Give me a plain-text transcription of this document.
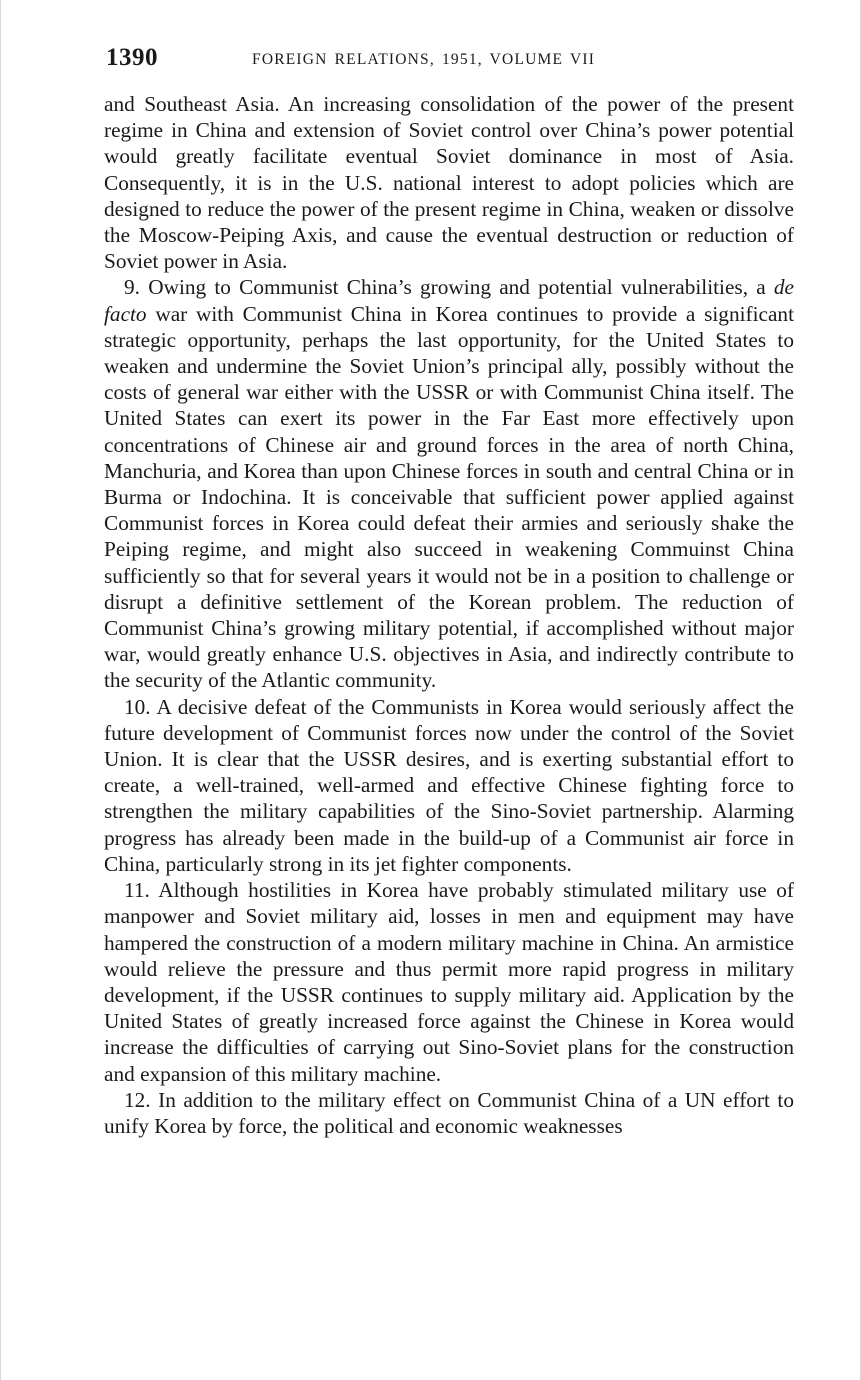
1390	FOREIGN RELATIONS, 1951, VOLUME VII

and Southeast Asia. An increasing consolidation of the power of the present regime in China and extension of Soviet control over China’s power potential would greatly facilitate eventual Soviet dominance in most of Asia. Consequently, it is in the U.S. national interest to adopt policies which are designed to reduce the power of the present regime in China, weaken or dissolve the Moscow-Peiping Axis, and cause the eventual destruction or reduction of Soviet power in Asia.

9. Owing to Communist China’s growing and potential vulnerabilities, a de facto war with Communist China in Korea continues to provide a significant strategic opportunity, perhaps the last opportunity, for the United States to weaken and undermine the Soviet Union’s principal ally, possibly without the costs of general war either with the USSR or with Communist China itself. The United States can exert its power in the Far East more effectively upon concentrations of Chinese air and ground forces in the area of north China, Manchuria, and Korea than upon Chinese forces in south and central China or in Burma or Indochina. It is conceivable that sufficient power applied against Communist forces in Korea could defeat their armies and seriously shake the Peiping regime, and might also succeed in weakening Commuinst China sufficiently so that for several years it would not be in a position to challenge or disrupt a definitive settlement of the Korean problem. The reduction of Communist China’s growing military potential, if accomplished without major war, would greatly enhance U.S. objectives in Asia, and indirectly contribute to the security of the Atlantic community.

10. A decisive defeat of the Communists in Korea would seriously affect the future development of Communist forces now under the control of the Soviet Union. It is clear that the USSR desires, and is exerting substantial effort to create, a well-trained, well-armed and effective Chinese fighting force to strengthen the military capabilities of the Sino-Soviet partnership. Alarming progress has already been made in the build-up of a Communist air force in China, particularly strong in its jet fighter components.

11. Although hostilities in Korea have probably stimulated military use of manpower and Soviet military aid, losses in men and equipment may have hampered the construction of a modern military machine in China. An armistice would relieve the pressure and thus permit more rapid progress in military development, if the USSR continues to supply military aid. Application by the United States of greatly increased force against the Chinese in Korea would increase the difficulties of carrying out Sino-Soviet plans for the construction and expansion of this military machine.

12. In addition to the military effect on Communist China of a UN effort to unify Korea by force, the political and economic weaknesses
